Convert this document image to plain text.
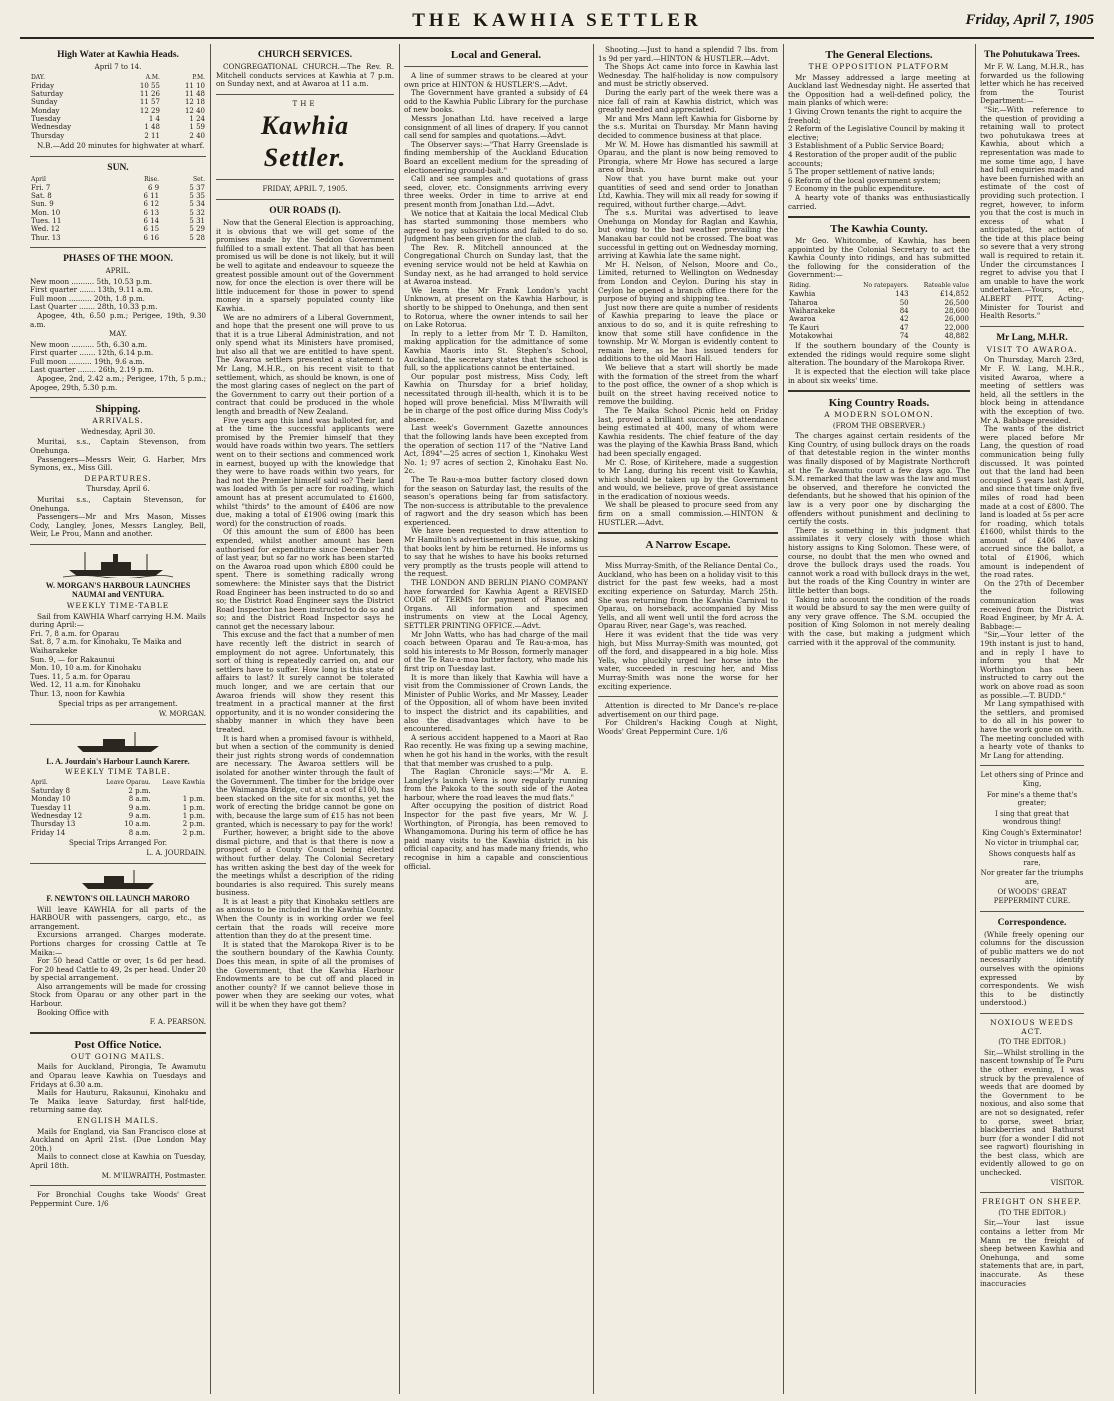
THE KAWHIA SETTLER	Friday, April 7, 1905
High Water at Kawhia Heads.
April 7 to 14.
DAY.	A.M.	P.M.
Friday	10 55	11 10
Saturday	11 26	11 48
Sunday	11 57	12 18
Monday	12 29	12 40
Tuesday	1 4	1 24
Wednesday	1 48	1 59
Thursday	2 11	2 40

N.B.—Add 20 minutes for highwater at wharf.

SUN.
April	Rise.	Set.
Fri. 7	6 9	5 37
Sat. 8	6 11	5 35
Sun. 9	6 12	5 34
Mon. 10	6 13	5 32
Tues. 11	6 14	5 31
Wed. 12	6 15	5 29
Thur. 13	6 16	5 28
PHASES OF THE MOON.
APRIL.
New moon .......... 5th, 10.53 p.m.
First quarter ....... 13th, 9.11 a.m.
Full moon .......... 20th, 1.8 p.m.
Last Quarter ....... 28th, 10.33 p.m.

Apogee, 4th, 6.50 p.m.; Perigee, 19th, 9.30 a.m.

MAY.
New moon .......... 5th, 6.30 a.m.
First quarter ....... 12th, 6.14 p.m.
Full moon .......... 19th, 9.6 a.m.
Last quarter ........ 26th, 2.19 p.m.

Apogee, 2nd, 2.42 a.m.; Perigee, 17th, 5 p.m.; Apogee, 29th, 5.30 p.m.

Shipping.
ARRIVALS.
Wednesday, April 30.

Muritai, s.s., Captain Stevenson, from Onehunga.

Passengers—Messrs Weir, G. Harber, Mrs Symons, ex., Miss Gill.

DEPARTURES.
Thursday, April 6.

Muritai s.s., Captain Stevenson, for Onehunga.

Passengers—Mr and Mrs Mason, Misses Cody, Langley, Jones, Messrs Langley, Bell, Weir, Le Prou, Mann and another.

W. MORGAN'S HARBOUR LAUNCHES NAUMAI and VENTURA.
WEEKLY TIME-TABLE

Sail from KAWHIA Wharf carrying H.M. Mails during April:—

Fri. 7, 8 a.m. for Oparau
Sat. 8, 7 a.m. for Kinohaku, Te Maika and Waiharakeke
Sun. 9, — for Rakaunui
Mon. 10, 10 a.m. for Kinohaku
Tues. 11, 5 a.m. for Oparau
Wed. 12, 11 a.m. for Kinohaku
Thur. 13, noon for Kawhia
Special trips as per arrangement.
W. MORGAN.
L. A. Jourdain's Harbour Launch Karere.
WEEKLY TIME TABLE.
April.	Leave Oparau.	Leave Kawhia
Saturday 8	2 p.m.	
Monday 10	8 a.m.	1 p.m.
Tuesday 11	9 a.m.	1 p.m.
Wednesday 12	9 a.m.	1 p.m.
Thursday 13	10 a.m.	2 p.m.
Friday 14	8 a.m.	2 p.m.
Special Trips Arranged For.
L. A. JOURDAIN.
F. NEWTON'S OIL LAUNCH MARORO

Will leave KAWHIA for all parts of the HARBOUR with passengers, cargo, etc., as arrangement.

Excursions arranged. Charges moderate. Portions charges for crossing Cattle at Te Maika:—

For 50 head Cattle or over, 1s 6d per head. For 20 head Cattle to 49, 2s per head. Under 20 by special arrangement.

Also arrangements will be made for crossing Stock from Oparau or any other part in the Harbour.

Booking Office with

F. A. PEARSON.
Post Office Notice.
OUT GOING MAILS.

Mails for Auckland, Pirongia, Te Awamutu and Oparau leave Kawhia on Tuesdays and Fridays at 6.30 a.m.

Mails for Hauturu, Rakaunui, Kinohaku and Te Maika leave Saturday, first half-tide, returning same day.

ENGLISH MAILS.

Mails for England, via San Francisco close at Auckland on April 21st. (Due London May 20th.)

Mails to connect close at Kawhia on Tuesday, April 18th.

M. M'ILWRAITH, Postmaster.

For Bronchial Coughs take Woods' Great Peppermint Cure. 1/6

CHURCH SERVICES.

CONGREGATIONAL CHURCH.—The Rev. R. Mitchell conducts services at Kawhia at 7 p.m. on Sunday next, and at Awaroa at 11 a.m.

THE
Kawhia Settler.
FRIDAY, APRIL 7, 1905.
OUR ROADS (I).

Now that the General Election is approaching, it is obvious that we will get some of the promises made by the Seddon Government fulfilled to a small extent. That all that has been promised us will be done is not likely, but it will be well to agitate and endeavour to squeeze the greatest possible amount out of the Government now, for once the election is over there will be little inducement for those in power to spend money in a sparsely populated county like Kawhia.

We are no admirers of a Liberal Government, and hope that the present one will prove to us that it is a true Liberal Administration, and not only spend what its Ministers have promised, but also all that we are entitled to have spent. The Awaroa settlers presented a statement to Mr Lang, M.H.R., on his recent visit to that settlement, which, as should be known, is one of the most glaring cases of neglect on the part of the Government to carry out their portion of a contract that could be produced in the whole length and breadth of New Zealand.

Five years ago this land was balloted for, and at the time the successful applicants were promised by the Premier himself that they would have roads within two years. The settlers went on to their sections and commenced work in earnest, buoyed up with the knowledge that they were to have roads within two years, for had not the Premier himself said so? Their land was loaded with 5s per acre for roading, which amount has at present accumulated to £1600, whilst "thirds" to the amount of £406 are now due, making a total of £1906 owing (mark this word) for the construction of roads.

Of this amount the sum of £800 has been expended, whilst another amount has been authorised for expenditure since December 7th of last year, but so far no work has been started on the Awaroa road upon which £800 could be spent. There is something radically wrong somewhere: the Minister says that the District Road Engineer has been instructed to do so and so; the District Road Engineer says the District Road Inspector has been instructed to do so and so; and the District Road Inspector says he cannot get the necessary labour.

This excuse and the fact that a number of men have recently left the district in search of employment do not agree. Unfortunately, this sort of thing is repeatedly carried on, and our settlers have to suffer. How long is this state of affairs to last? It surely cannot be tolerated much longer, and we are certain that our Awaroa friends will show they resent this treatment in a practical manner at the first opportunity, and it is no wonder considering the shabby manner in which they have been treated.

It is hard when a promised favour is withheld, but when a section of the community is denied their just rights strong words of condemnation are necessary. The Awaroa settlers will be isolated for another winter through the fault of the Government. The timber for the bridge over the Waimanga Bridge, cut at a cost of £100, has been stacked on the site for six months, yet the work of erecting the bridge cannot be gone on with, because the large sum of £15 has not been granted, which is necessary to pay for the work!

Further, however, a bright side to the above dismal picture, and that is that there is now a prospect of a County Council being elected without further delay. The Colonial Secretary has written asking the best day of the week for the meetings whilst a description of the riding boundaries is also required. This surely means business.

It is at least a pity that Kinohaku settlers are as anxious to be included in the Kawhia County. When the County is in working order we feel certain that the roads will receive more attention than they do at the present time.

It is stated that the Marokopa River is to be the southern boundary of the Kawhia County. Does this mean, in spite of all the promises of the Government, that the Kawhia Harbour Endowments are to be cut off and placed in another county? If we cannot believe those in power when they are seeking our votes, what will it be when they have got them?

Local and General.

A line of summer straws to be cleared at your own price at HINTON & HUSTLER'S.—Advt.

The Government have granted a subsidy of £4 odd to the Kawhia Public Library for the purchase of new books.

Messrs Jonathan Ltd. have received a large consignment of all lines of drapery. If you cannot call send for samples and quotations.—Advt.

The Observer says:—"That Harry Greenslade is finding membership of the Auckland Education Board an excellent medium for the spreading of electioneering ground-bait."

Call and see samples and quotations of grass seed, clover, etc. Consignments arriving every three weeks. Order in time to arrive at end present month from Jonathan Ltd.—Advt.

We notice that at Kaitaia the local Medical Club has started summoning those members who agreed to pay subscriptions and failed to do so. Judgment has been given for the club.

The Rev. R. Mitchell announced at the Congregational Church on Sunday last, that the evening service would not be held at Kawhia on Sunday next, as he had arranged to hold service at Awaroa instead.

We learn the Mr Frank London's yacht Unknown, at present on the Kawhia Harbour, is shortly to be shipped to Onehunga, and then sent to Rotorua, where the owner intends to sail her on Lake Rotorua.

In reply to a letter from Mr T. D. Hamilton, making application for the admittance of some Kawhia Maoris into St. Stephen's School, Auckland, the secretary states that the school is full, so the applications cannot be entertained.

Our popular post mistress, Miss Cody, left Kawhia on Thursday for a brief holiday, necessitated through ill-health, which it is to be hoped will prove beneficial. Miss M'Ilwraith will be in charge of the post office during Miss Cody's absence.

Last week's Government Gazette announces that the following lands have been excepted from the operation of section 117 of the "Native Land Act, 1894"—25 acres of section 1, Kinohaku West No. 1; 97 acres of section 2, Kinohaku East No. 2c.

The Te Rau-a-moa butter factory closed down for the season on Saturday last, the results of the season's operations being far from satisfactory. The non-success is attributable to the prevalence of ragwort and the dry season which has been experienced.

We have been requested to draw attention to Mr Hamilton's advertisement in this issue, asking that books lent by him be returned. He informs us to say that he wishes to have his books returned very promptly as the trusts people will attend to the request.

THE LONDON AND BERLIN PIANO COMPANY have forwarded for Kawhia Agent a REVISED CODE of TERMS for payment of Pianos and Organs. All information and specimen instruments on view at the Local Agency, SETTLER PRINTING OFFICE.—Advt.

Mr John Watts, who has had charge of the mail coach between Oparau and Te Rau-a-moa, has sold his interests to Mr Bosson, formerly manager of the Te Rau-a-moa butter factory, who made his first trip on Tuesday last.

It is more than likely that Kawhia will have a visit from the Commissioner of Crown Lands, the Minister of Public Works, and Mr Massey, Leader of the Opposition, all of whom have been invited to inspect the district and its capabilities, and also the disadvantages which have to be encountered.

A serious accident happened to a Maori at Rao Rao recently. He was fixing up a sewing machine, when he got his hand in the works, with the result that that member was crushed to a pulp.

The Raglan Chronicle says:—"Mr A. E. Langley's launch Vera is now regularly running from the Pakoka to the south side of the Aotea harbour, where the road leaves the mud flats."

After occupying the position of district Road Inspector for the past five years, Mr W. J. Worthington, of Pirongia, has been removed to Whangamomona. During his term of office he has paid many visits to the Kawhia district in his official capacity, and has made many friends, who recognise in him a capable and conscientious official.

Shooting.—Just to hand a splendid 7 lbs. from 1s 9d per yard.—HINTON & HUSTLER.—Advt.

The Shops Act came into force in Kawhia last Wednesday. The half-holiday is now compulsory and must be strictly observed.

During the early part of the week there was a nice fall of rain at Kawhia district, which was greatly needed and appreciated.

Mr and Mrs Mann left Kawhia for Gisborne by the s.s. Muritai on Thursday. Mr Mann having decided to commence business at that place.

Mr W. M. Howe has dismantled his sawmill at Oparau, and the plant is now being removed to Pirongia, where Mr Howe has secured a large area of bush.

Now that you have burnt make out your quantities of seed and send order to Jonathan Ltd, Kawhia. They will mix all ready for sowing if required, without further charge.—Advt.

The s.s. Muritai was advertised to leave Onehunga on Monday for Raglan and Kawhia, but owing to the bad weather prevailing the Manakau bar could not be crossed. The boat was successful in getting out on Wednesday morning, arriving at Kawhia late the same night.

Mr H. Nelson, of Nelson, Moore and Co., Limited, returned to Wellington on Wednesday from London and Ceylon. During his stay in Ceylon he opened a branch office there for the purpose of buying and shipping tea.

Just now there are quite a number of residents of Kawhia preparing to leave the place or anxious to do so, and it is quite refreshing to know that some still have confidence in the township. Mr W. Morgan is evidently content to remain here, as he has issued tenders for additions to the old Maori Hall.

We believe that a start will shortly be made with the formation of the street from the wharf to the post office, the owner of a shop which is built on the street having received notice to remove the building.

The Te Maika School Picnic held on Friday last, proved a brilliant success, the attendance being estimated at 400, many of whom were Kawhia residents. The chief feature of the day was the playing of the Kawhia Brass Band, which had been specially engaged.

Mr C. Rose, of Kiritehere, made a suggestion to Mr Lang, during his recent visit to Kawhia, which should be taken up by the Government and would, we believe, prove of great assistance in the eradication of noxious weeds.

We shall be pleased to procure seed from any firm on a small commission.—HINTON & HUSTLER.—Advt.

A Narrow Escape.

Miss Murray-Smith, of the Reliance Dental Co., Auckland, who has been on a holiday visit to this district for the past few weeks, had a most exciting experience on Saturday, March 25th. She was returning from the Kawhia Carnival to Oparau, on horseback, accompanied by Miss Yells, and all went well until the ford across the Oparau River, near Gage's, was reached.

Here it was evident that the tide was very high, but Miss Murray-Smith was mounted, got off the ford, and disappeared in a big hole. Miss Yells, who pluckily urged her horse into the water, succeeded in rescuing her, and Miss Murray-Smith was none the worse for her exciting experience.

Attention is directed to Mr Dance's re-place advertisement on our third page.

For Children's Hacking Cough at Night, Woods' Great Peppermint Cure. 1/6

The General Elections.
THE OPPOSITION PLATFORM

Mr Massey addressed a large meeting at Auckland last Wednesday night. He asserted that the Opposition had a well-defined policy, the main planks of which were:

1 Giving Crown tenants the right to acquire the freehold;
2 Reform of the Legislative Council by making it elective;
3 Establishment of a Public Service Board;
4 Restoration of the proper audit of the public accounts;
5 The proper settlement of native lands;
6 Reform of the local government system;
7 Economy in the public expenditure.

A hearty vote of thanks was enthusiastically carried.

The Kawhia County.

Mr Geo. Whitcombe, of Kawhia, has been appointed by the Colonial Secretary to act the Kawhia County into ridings, and has submitted the following for the consideration of the Government:—

Riding.	No ratepayers.	Rateable value
Kawhia	143	£14,852
Taharoa	50	26,500
Waiharakeke	84	28,600
Awaroa	42	26,000
Te Kauri	47	22,000
Motakowhai	74	48,882

If the southern boundary of the County is extended the ridings would require some slight alteration. The boundary of the Marokopa River.

It is expected that the election will take place in about six weeks' time.

King Country Roads.
A MODERN SOLOMON.
(FROM THE OBSERVER.)

The charges against certain residents of the King Country, of using bullock drays on the roads of that detestable region in the winter months was finally disposed of by Magistrate Northcroft at the Te Awamutu court a few days ago. The S.M. remarked that the law was the law and must be observed, and therefore he convicted the defendants, but he showed that his opinion of the law is a very poor one by discharging the offenders without punishment and declining to certify the costs.

There is something in this judgment that assimilates it very closely with those which history assigns to King Solomon. These were, of course, no doubt that the men who owned and drove the bullock drays used the roads. You cannot work a road with bullock drays in the wet, but the roads of the King Country in winter are little better than bogs.

Taking into account the condition of the roads it would be absurd to say the men were guilty of any very grave offence. The S.M. occupied the position of King Solomon in not merely dealing with the case, but making a judgment which carried with it the approval of the community.

The Pohutukawa Trees.

Mr F. W. Lang, M.H.R., has forwarded us the following letter which he has received from the Tourist Department:—

"Sir,—With reference to the question of providing a retaining wall to protect two pohutukawa trees at Kawhia, about which a representation was made to me some time ago, I have had full enquiries made and have been furnished with an estimate of the cost of providing such protection. I regret, however, to inform you that the cost is much in excess of what I anticipated, the action of the tide at this place being so severe that a very strong wall is required to retain it. Under the circumstances I regret to advise you that I am unable to have the work undertaken.—Yours, etc., ALBERT PITT, Acting-Minister for Tourist and Health Resorts."

Mr Lang, M.H.R.
VISIT TO AWAROA.

On Thursday, March 23rd, Mr F. W. Lang, M.H.R., visited Awaroa, where a meeting of settlers was held, all the settlers in the block being in attendance with the exception of two. Mr A. Babbage presided.

The wants of the district were placed before Mr Lang, the question of road communication being fully discussed. It was pointed out that the land had been occupied 5 years last April, and since that time only five miles of road had been made at a cost of £800. The land is loaded at 5s per acre for roading, which totals £1600, whilst thirds to the amount of £406 have accrued since the ballot, a total of £1906, which amount is independent of the road rates.

On the 27th of December the following communication was received from the District Road Engineer, by Mr A. A. Babbage:—

"Sir,—Your letter of the 19th instant is just to hand, and in reply I have to inform you that Mr Worthington has been instructed to carry out the work on above road as soon as possible.—T. BUDD."

Mr Lang sympathised with the settlers, and promised to do all in his power to have the work gone on with. The meeting concluded with a hearty vote of thanks to Mr Lang for attending.

Let others sing of Prince and King,
For mine's a theme that's greater;
I sing that great that wondrous thing!
King Cough's Exterminator!
No victor in triumphal car,
Shows conquests half as rare,
Nor greater far the triumphs are,
Of WOODS' GREAT PEPPERMINT CURE.
Correspondence.

(While freely opening our columns for the discussion of public matters we do not necessarily identify ourselves with the opinions expressed by correspondents. We wish this to be distinctly understood.)

NOXIOUS WEEDS ACT.
(TO THE EDITOR.)

Sir,—Whilst strolling in the nascent township of Te Puru the other evening, I was struck by the prevalence of weeds that are doomed by the Government to be noxious, and also some that are not so designated, refer to gorse, sweet briar, blackberries and Bathurst burr (for a wonder I did not see ragwort) flourishing in the best class, which are evidently allowed to go on unchecked.

VISITOR.
FREIGHT ON SHEEP.
(TO THE EDITOR.)

Sir,—Your last issue contains a letter from Mr Mann re the freight of sheep between Kawhia and Onehunga, and some statements that are, in part, inaccurate. As these inaccuracies
